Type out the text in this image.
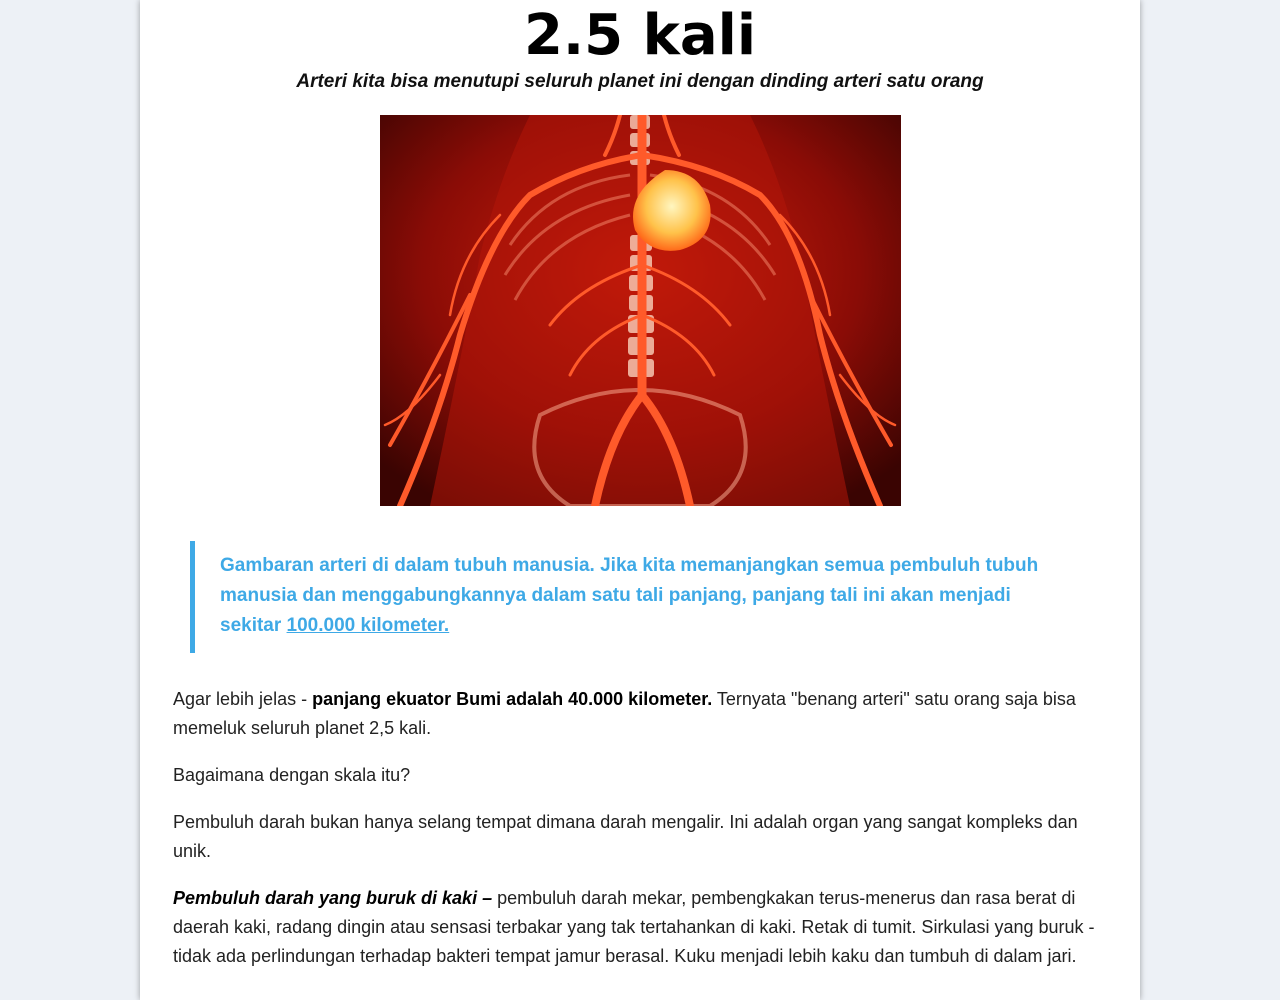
2.5 kali
Arteri kita bisa menutupi seluruh planet ini dengan dinding arteri satu orang
Gambaran arteri di dalam tubuh manusia. Jika kita memanjangkan semua pembuluh tubuh manusia dan menggabungkannya dalam satu tali panjang, panjang tali ini akan menjadi sekitar 100.000 kilometer.

Agar lebih jelas - panjang ekuator Bumi adalah 40.000 kilometer. Ternyata "benang arteri" satu orang saja bisa memeluk seluruh planet 2,5 kali.

Bagaimana dengan skala itu?

Pembuluh darah bukan hanya selang tempat dimana darah mengalir. Ini adalah organ yang sangat kompleks dan unik.

Pembuluh darah yang buruk di kaki – pembuluh darah mekar, pembengkakan terus-menerus dan rasa berat di daerah kaki, radang dingin atau sensasi terbakar yang tak tertahankan di kaki. Retak di tumit. Sirkulasi yang buruk - tidak ada perlindungan terhadap bakteri tempat jamur berasal. Kuku menjadi lebih kaku dan tumbuh di dalam jari.
